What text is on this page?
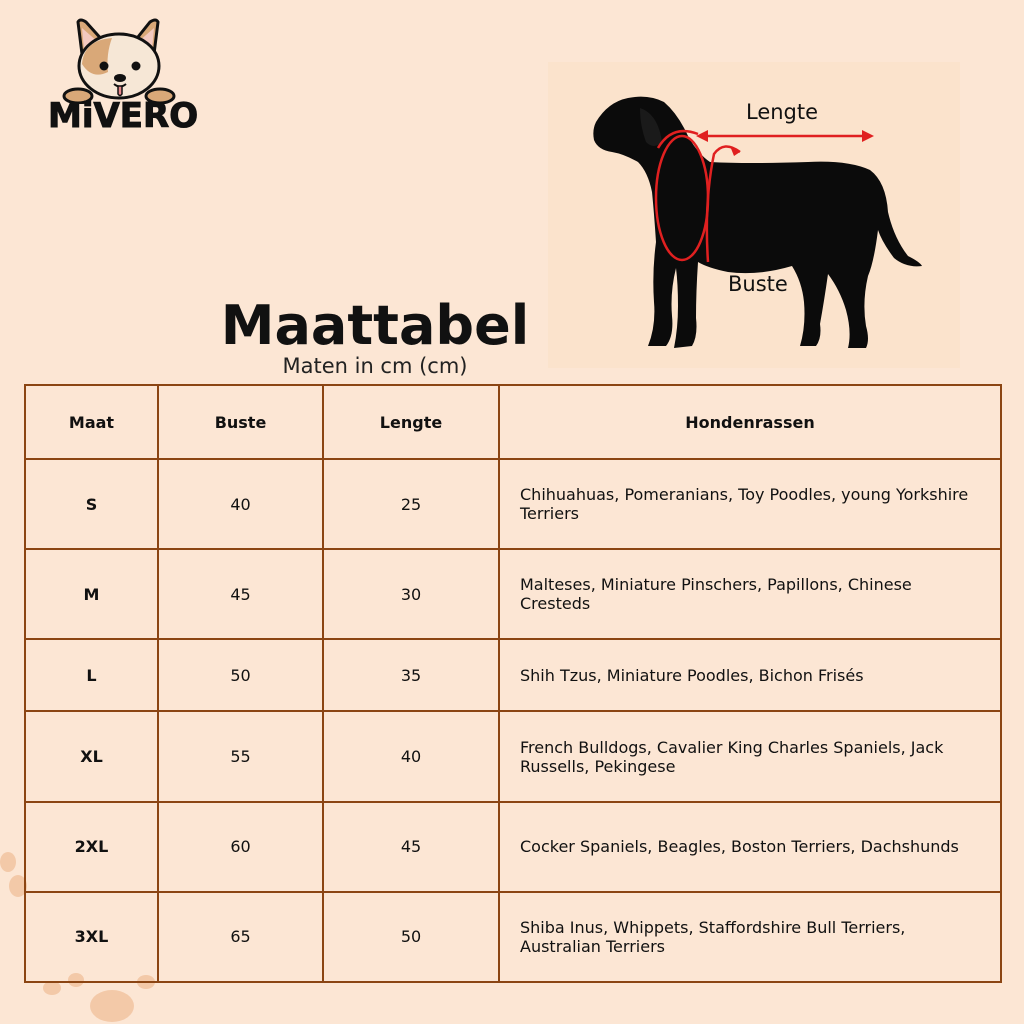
MiVERO	Lengte
Buste
Maattabel
Maten in cm (cm)
Maat	Buste	Lengte	Hondenrassen
S	40	25	Chihuahuas, Pomeranians, Toy Poodles, young Yorkshire Terriers
M	45	30	Malteses, Miniature Pinschers, Papillons, Chinese Cresteds
L	50	35	Shih Tzus, Miniature Poodles, Bichon Frisés
XL	55	40	French Bulldogs, Cavalier King Charles Spaniels, Jack Russells, Pekingese
2XL	60	45	Cocker Spaniels, Beagles, Boston Terriers, Dachshunds
3XL	65	50	Shiba Inus, Whippets, Staffordshire Bull Terriers, Australian Terriers
